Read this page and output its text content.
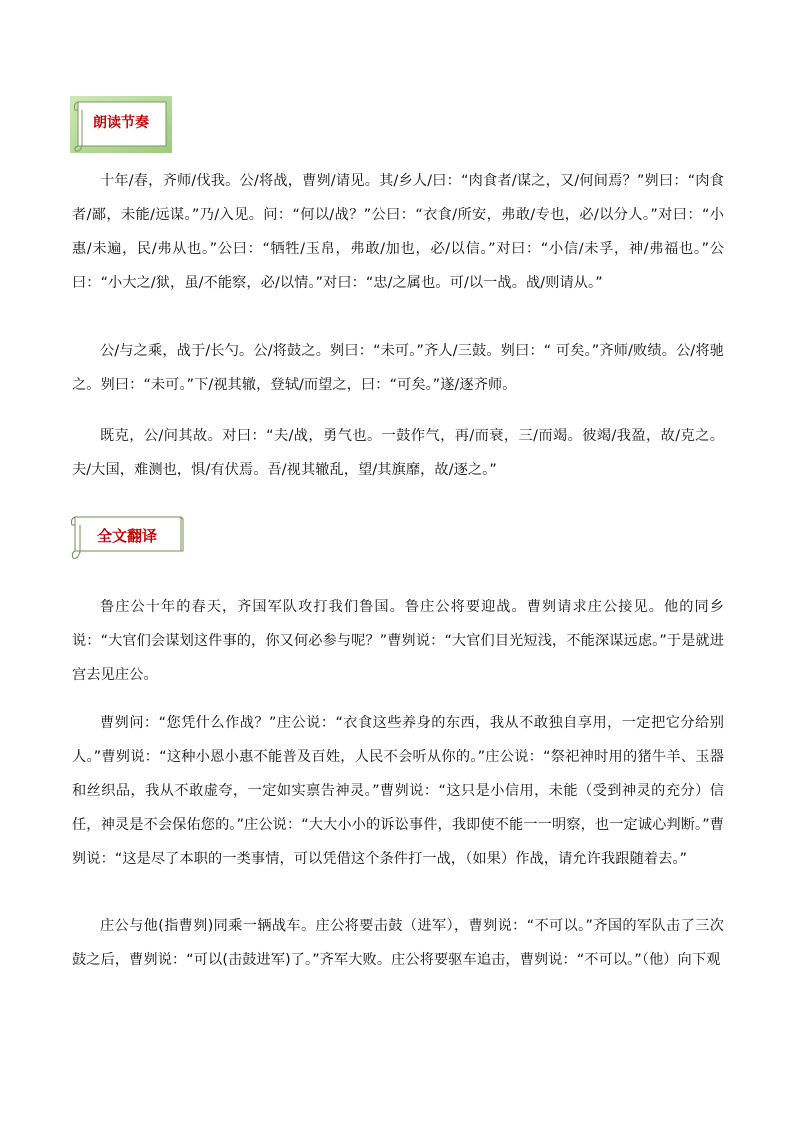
朗读节奏

十年/春，齐师/伐我。公/将战，曹刿/请见。其/乡人/曰：“肉食者/谋之，又/何间焉？”刿曰：“肉食者/鄙，未能/远谋。”乃/入见。问：“何以/战？”公曰：“衣食/所安，弗敢/专也，必/以分人。”对曰：“小惠/未遍，民/弗从也。”公曰：“牺牲/玉帛，弗敢/加也，必/以信。”对曰：“小信/未孚，神/弗福也。”公曰：“小大之/狱，虽/不能察，必/以情。”对曰：“忠/之属也。可/以一战。战/则请从。”

公/与之乘，战于/长勺。公/将鼓之。刿曰：“未可。”齐人/三鼓。刿曰：“ 可矣。”齐师/败绩。公/将驰之。刿曰：“未可。”下/视其辙，登轼/而望之，曰：“可矣。”遂/逐齐师。

既克，公/问其故。对曰：“夫/战，勇气也。一鼓作气，再/而衰，三/而竭。彼竭/我盈，故/克之。夫/大国，难测也，惧/有伏焉。吾/视其辙乱，望/其旗靡，故/逐之。”

全文翻译

鲁庄公十年的春天，齐国军队攻打我们鲁国。鲁庄公将要迎战。曹刿请求庄公接见。他的同乡说：“大官们会谋划这件事的，你又何必参与呢？”曹刿说：“大官们目光短浅，不能深谋远虑。”于是就进宫去见庄公。

曹刿问：“您凭什么作战？”庄公说：“衣食这些养身的东西，我从不敢独自享用，一定把它分给别人。”曹刿说：“这种小恩小惠不能普及百姓，人民不会听从你的。”庄公说：“祭祀神时用的猪牛羊、玉器和丝织品，我从不敢虚夸，一定如实禀告神灵。”曹刿说：“这只是小信用，未能（受到神灵的充分）信任，神灵是不会保佑您的。”庄公说：“大大小小的诉讼事件，我即使不能一一明察，也一定诚心判断。”曹刿说：“这是尽了本职的一类事情，可以凭借这个条件打一战，（如果）作战，请允许我跟随着去。”

庄公与他(指曹刿)同乘一辆战车。庄公将要击鼓（进军），曹刿说：“不可以。”齐国的军队击了三次鼓之后，曹刿说：“可以(击鼓进军)了。”齐军大败。庄公将要驱车追击，曹刿说：“不可以。”（他）向下观
